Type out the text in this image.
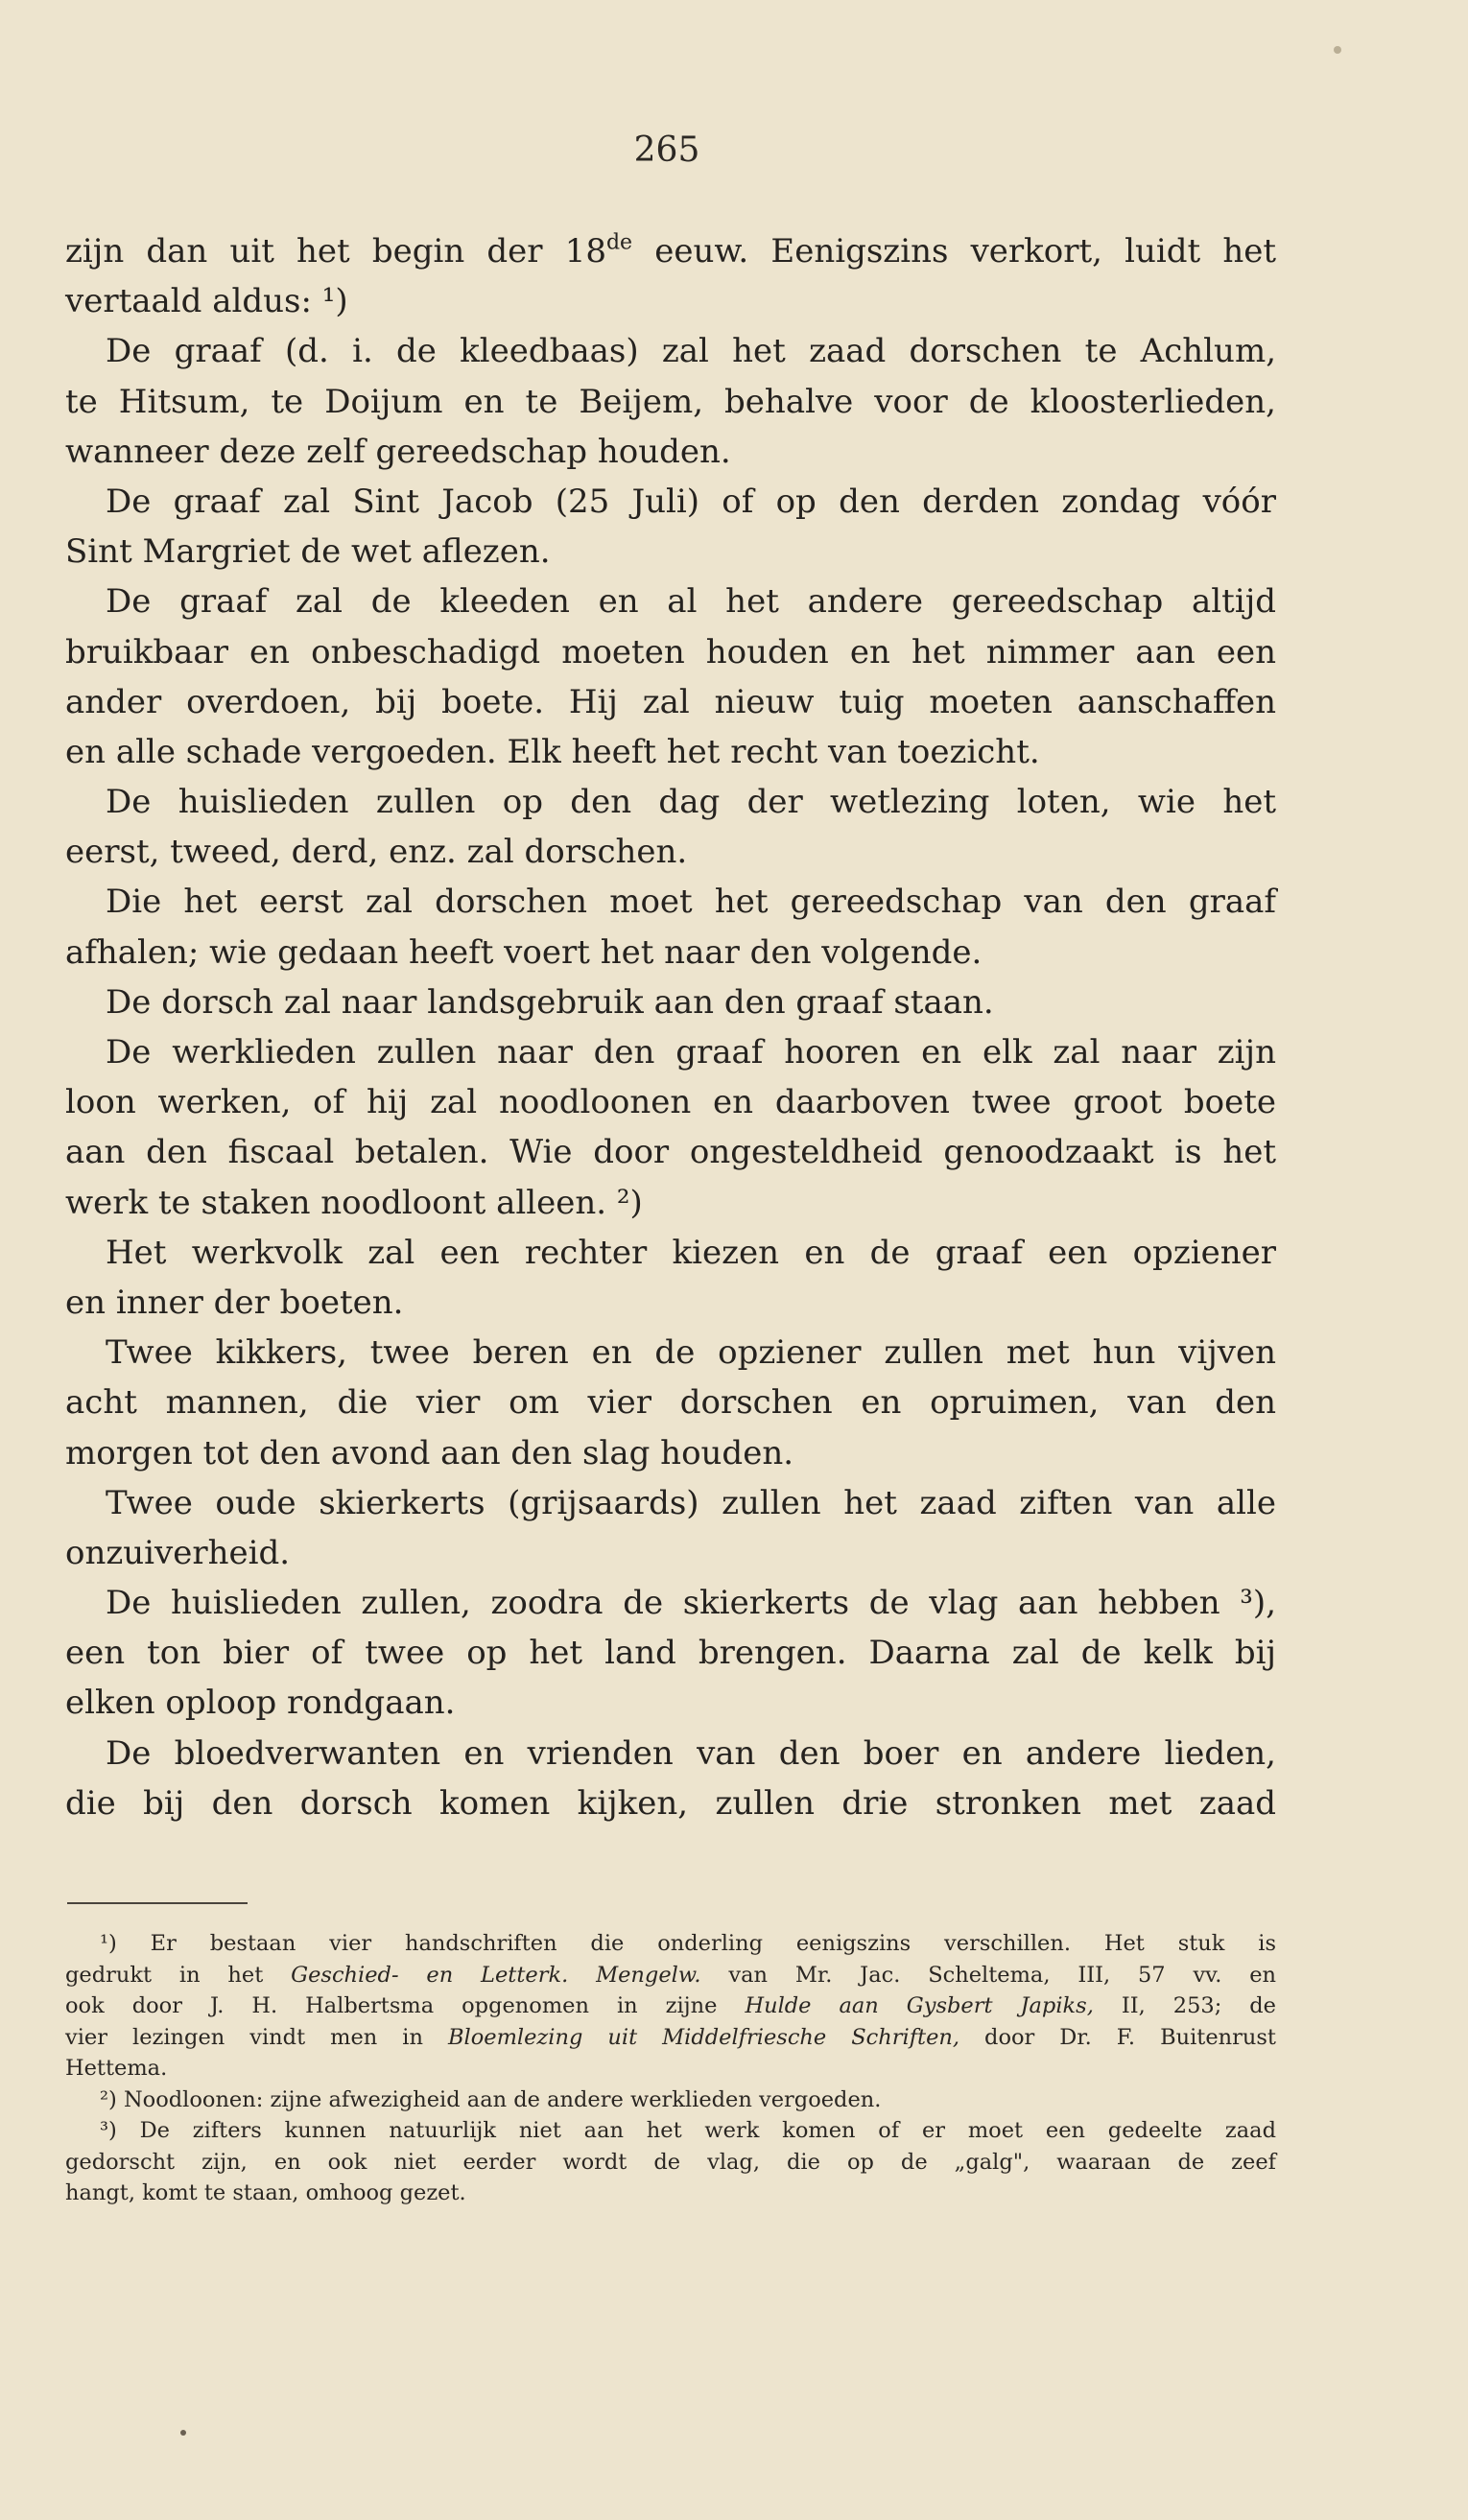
265
zijn dan uit het begin der 18de eeuw. Eenigszins verkort, luidt het
vertaald aldus: ¹)
De graaf (d. i. de kleedbaas) zal het zaad dorschen te Achlum,
te Hitsum, te Doijum en te Beijem, behalve voor de kloosterlieden,
wanneer deze zelf gereedschap houden.
De graaf zal Sint Jacob (25 Juli) of op den derden zondag vóór
Sint Margriet de wet aflezen.
De graaf zal de kleeden en al het andere gereedschap altijd
bruikbaar en onbeschadigd moeten houden en het nimmer aan een
ander overdoen, bij boete. Hij zal nieuw tuig moeten aanschaffen
en alle schade vergoeden. Elk heeft het recht van toezicht.
De huislieden zullen op den dag der wetlezing loten, wie het
eerst, tweed, derd, enz. zal dorschen.
Die het eerst zal dorschen moet het gereedschap van den graaf
afhalen; wie gedaan heeft voert het naar den volgende.
De dorsch zal naar landsgebruik aan den graaf staan.
De werklieden zullen naar den graaf hooren en elk zal naar zijn
loon werken, of hij zal noodloonen en daarboven twee groot boete
aan den fiscaal betalen. Wie door ongesteldheid genoodzaakt is het
werk te staken noodloont alleen. ²)
Het werkvolk zal een rechter kiezen en de graaf een opziener
en inner der boeten.
Twee kikkers, twee beren en de opziener zullen met hun vijven
acht mannen, die vier om vier dorschen en opruimen, van den
morgen tot den avond aan den slag houden.
Twee oude skierkerts (grijsaards) zullen het zaad ziften van alle
onzuiverheid.
De huislieden zullen, zoodra de skierkerts de vlag aan hebben ³),
een ton bier of twee op het land brengen. Daarna zal de kelk bij
elken oploop rondgaan.
De bloedverwanten en vrienden van den boer en andere lieden,
die bij den dorsch komen kijken, zullen drie stronken met zaad
¹) Er bestaan vier handschriften die onderling eenigszins verschillen. Het stuk is
gedrukt in het Geschied- en Letterk. Mengelw. van Mr. Jac. Scheltema, III, 57 vv. en
ook door J. H. Halbertsma opgenomen in zijne Hulde aan Gysbert Japiks, II, 253; de
vier lezingen vindt men in Bloemlezing uit Middelfriesche Schriften, door Dr. F. Buitenrust
Hettema.
²) Noodloonen: zijne afwezigheid aan de andere werklieden vergoeden.
³) De zifters kunnen natuurlijk niet aan het werk komen of er moet een gedeelte zaad
gedorscht zijn, en ook niet eerder wordt de vlag, die op de „galg", waaraan de zeef
hangt, komt te staan, omhoog gezet.
